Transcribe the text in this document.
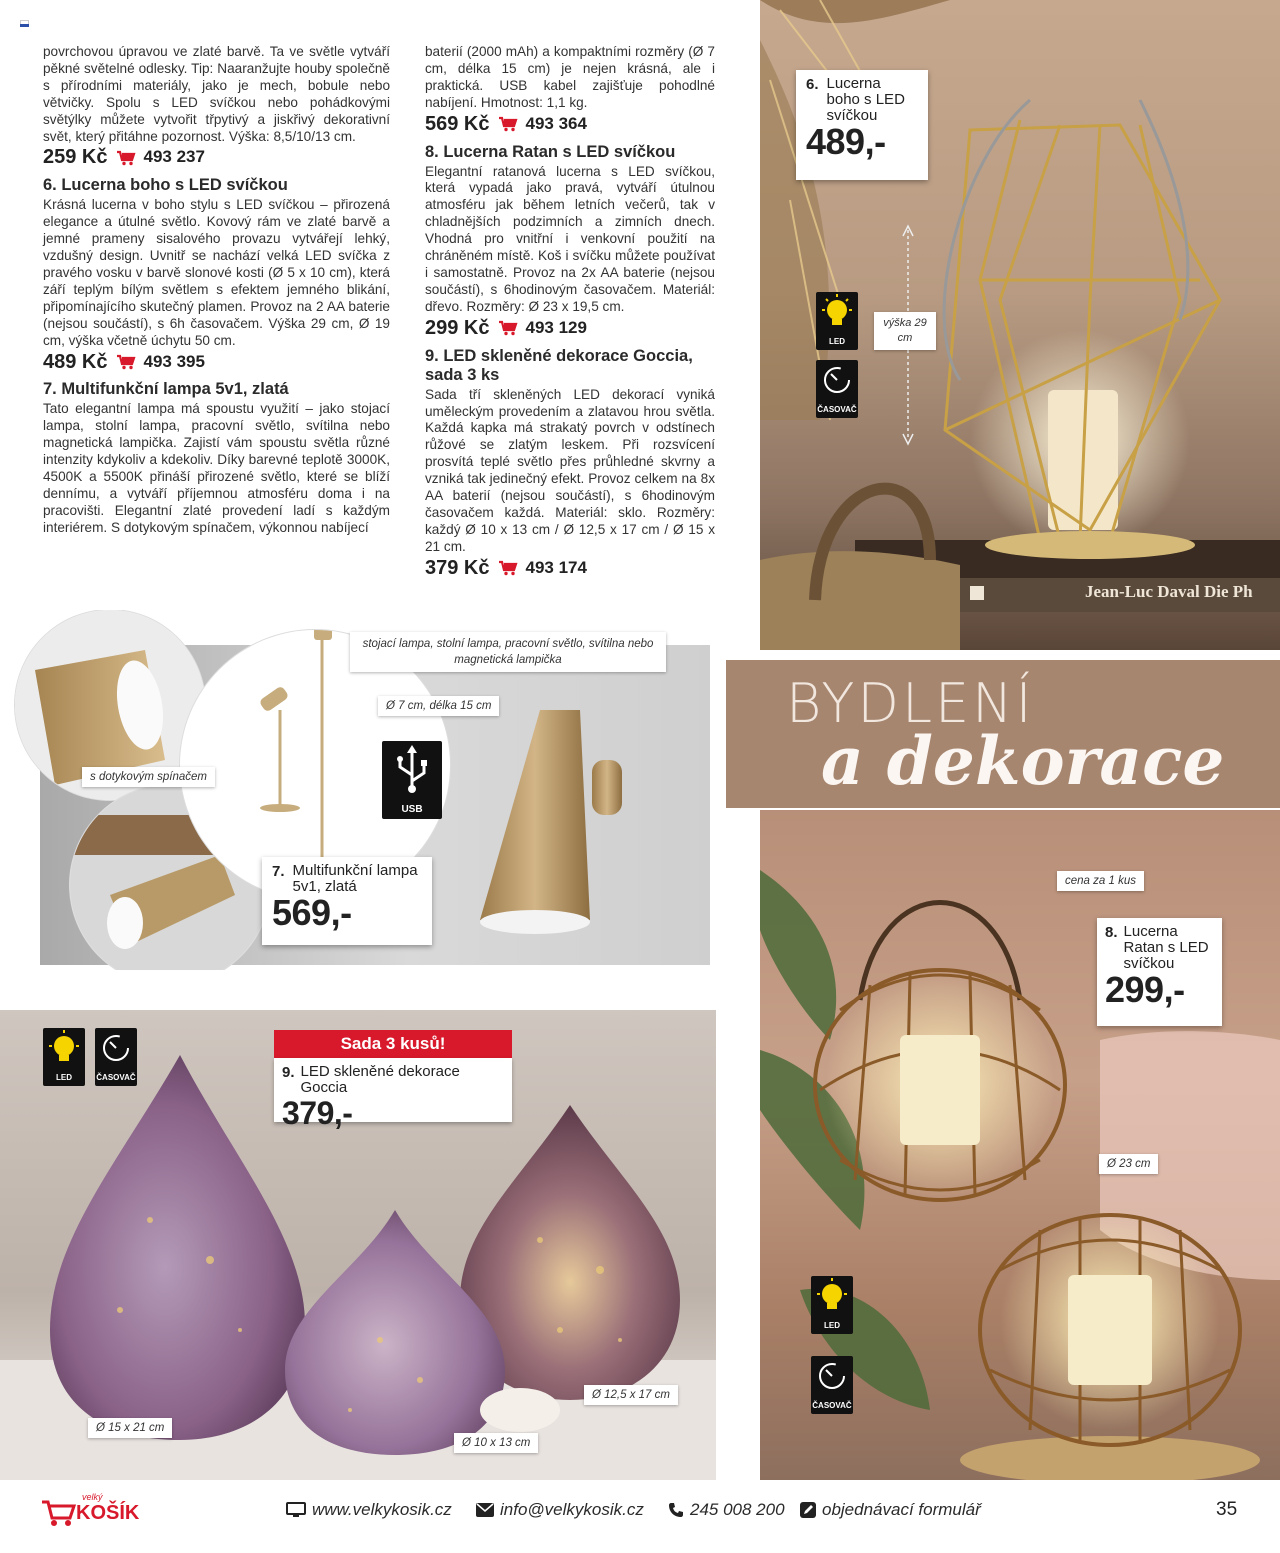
povrchovou úpravou ve zlaté barvě. Ta ve světle vytváří pěkné světelné odlesky. Tip: Naaranžujte houby společně s přírodními materiály, jako je mech, bobule nebo větvičky. Spolu s LED svíčkou nebo pohádkovými světýlky můžete vytvořit třpytivý a jiskřivý dekorativní svět, který přitáhne pozornost. Výška: 8,5/10/13 cm.

259 Kč 493 237
6. Lucerna boho s LED svíčkou

Krásná lucerna v boho stylu s LED svíčkou – přirozená elegance a útulné světlo. Kovový rám ve zlaté barvě a jemné prameny sisalového provazu vytvářejí lehký, vzdušný design. Uvnitř se nachází velká LED svíčka z pravého vosku v barvě slonové kosti (Ø 5 x 10 cm), která září teplým bílým světlem s efektem jemného blikání, připomínajícího skutečný plamen. Provoz na 2 AA baterie (nejsou součástí), s 6h časovačem. Výška 29 cm, Ø 19 cm, výška včetně úchytu 50 cm.

489 Kč 493 395
7. Multifunkční lampa 5v1, zlatá

Tato elegantní lampa má spoustu využití – jako stojací lampa, stolní lampa, pracovní světlo, svítilna nebo magnetická lampička. Zajistí vám spoustu světla různé intenzity kdykoliv a kdekoliv. Díky barevné teplotě 3000K, 4500K a 5500K přináší přirozené světlo, které se blíží dennímu, a vytváří příjemnou atmosféru doma i na pracovišti. Elegantní zlaté provedení ladí s každým interiérem. S dotykovým spínačem, výkonnou nabíjecí

baterií (2000 mAh) a kompaktními rozměry (Ø 7 cm, délka 15 cm) je nejen krásná, ale i praktická. USB kabel zajišťuje pohodlné nabíjení. Hmotnost: 1,1 kg.

569 Kč 493 364
8. Lucerna Ratan s LED svíčkou

Elegantní ratanová lucerna s LED svíčkou, která vypadá jako pravá, vytváří útulnou atmosféru jak během letních večerů, tak v chladnějších podzimních a zimních dnech. Vhodná pro vnitřní i venkovní použití na chráněném místě. Koš i svíčku můžete používat i samostatně. Provoz na 2x AA baterie (nejsou součástí), s 6hodinovým časovačem. Materiál: dřevo. Rozměry: Ø 23 x 19,5 cm.

299 Kč 493 129
9. LED skleněné dekorace Goccia, sada 3 ks

Sada tří skleněných LED dekorací vyniká uměleckým provedením a zlatavou hrou světla. Každá kapka má strakatý povrch v odstínech růžové se zlatým leskem. Při rozsvícení prosvítá teplé světlo přes průhledné skvrny a vzniká tak jedinečný efekt. Provoz celkem na 8x AA baterií (nejsou součástí), s 6hodinovým časovačem každá. Materiál: sklo. Rozměry: každý Ø 10 x 13 cm / Ø 12,5 x 17 cm / Ø 15 x 21 cm.

379 Kč 493 174
Jean-Luc Daval Die Ph
6. Lucerna boho s LED svíčkou
489,-
výška 29 cm
LED
ČASOVAČ
BYDLENÍ
a dekorace
stojací lampa, stolní lampa, pracovní světlo, svítilna nebo magnetická lampička
Ø 7 cm, délka 15 cm
s dotykovým spínačem
USB
7. Multifunkční lampa 5v1, zlatá
569,-
LED	ČASOVAČ
Sada 3 kusů!
9. LED skleněné dekorace Goccia
379,-
Ø 15 x 21 cm
Ø 12,5 x 17 cm
Ø 10 x 13 cm
cena za 1 kus
8. Lucerna Ratan s LED svíčkou
299,-
Ø 23 cm
LED
ČASOVAČ
velký
KOŠÍK	www.velkykosik.cz	info@velkykosik.cz	245 008 200 objednávací formulář	35
